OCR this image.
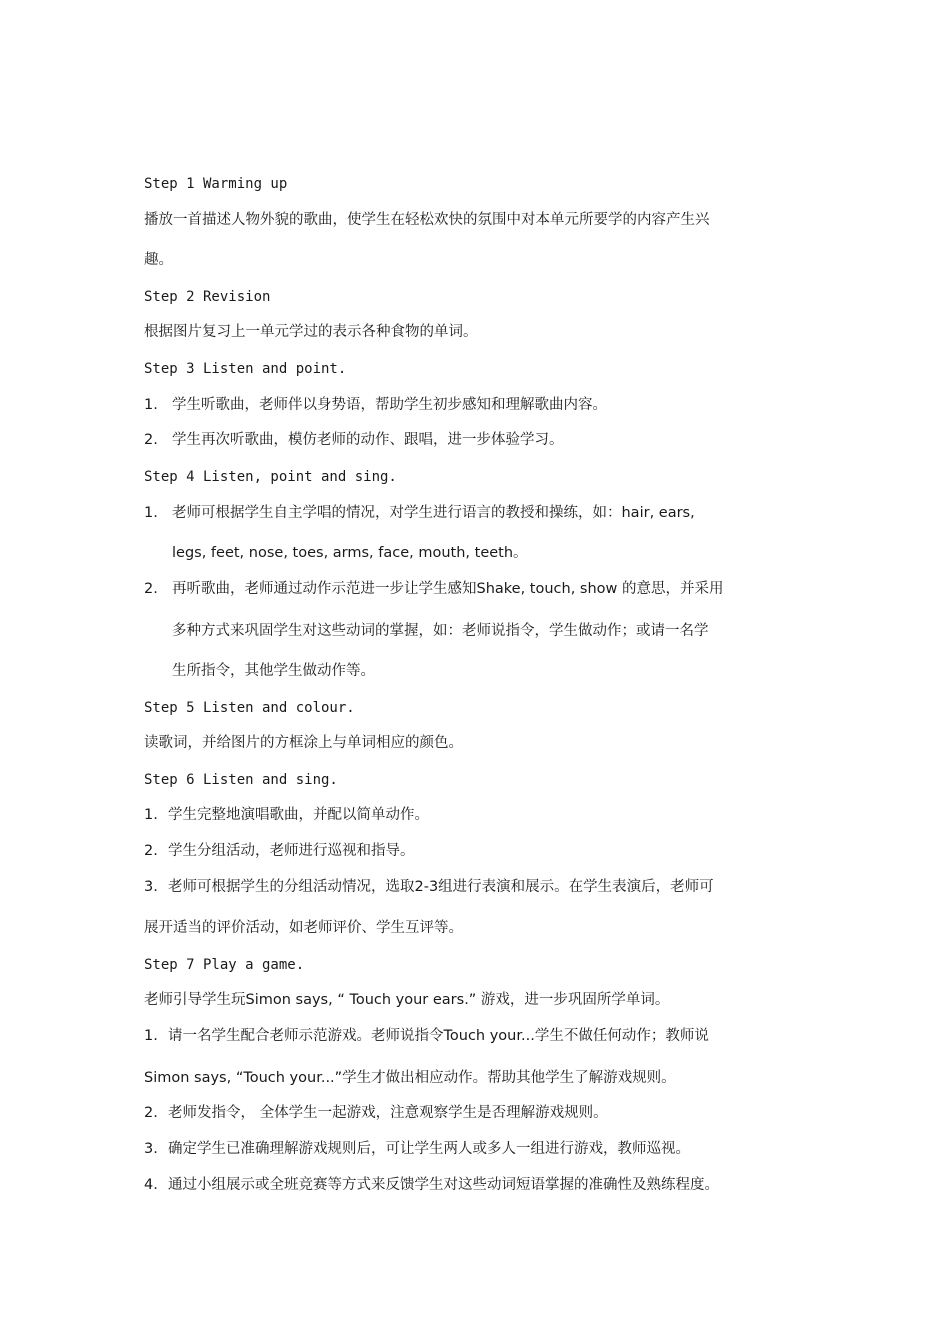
Step 1 Warming up
播放一首描述人物外貌的歌曲，使学生在轻松欢快的氛围中对本单元所要学的内容产生兴
趣。
Step 2 Revision
根据图片复习上一单元学过的表示各种食物的单词。
Step 3 Listen and point.
1. 学生听歌曲，老师伴以身势语，帮助学生初步感知和理解歌曲内容。
2. 学生再次听歌曲，模仿老师的动作、跟唱，进一步体验学习。
Step 4 Listen, point and sing.
1. 老师可根据学生自主学唱的情况，对学生进行语言的教授和操练，如：hair, ears,
legs, feet, nose, toes, arms, face, mouth, teeth。
2. 再听歌曲，老师通过动作示范进一步让学生感知Shake, touch, show 的意思，并采用
多种方式来巩固学生对这些动词的掌握，如：老师说指令，学生做动作；或请一名学
生所指令，其他学生做动作等。
Step 5 Listen and colour.
读歌词，并给图片的方框涂上与单词相应的颜色。
Step 6 Listen and sing.
1. 学生完整地演唱歌曲，并配以简单动作。
2. 学生分组活动，老师进行巡视和指导。
3. 老师可根据学生的分组活动情况，选取2-3组进行表演和展示。在学生表演后，老师可
展开适当的评价活动，如老师评价、学生互评等。
Step 7 Play a game.
老师引导学生玩Simon says, “ Touch your ears.” 游戏，进一步巩固所学单词。
1. 请一名学生配合老师示范游戏。老师说指令Touch your...学生不做任何动作；教师说
Simon says, “Touch your...”学生才做出相应动作。帮助其他学生了解游戏规则。
2. 老师发指令， 全体学生一起游戏，注意观察学生是否理解游戏规则。
3. 确定学生已准确理解游戏规则后，可让学生两人或多人一组进行游戏，教师巡视。
4. 通过小组展示或全班竞赛等方式来反馈学生对这些动词短语掌握的准确性及熟练程度。
